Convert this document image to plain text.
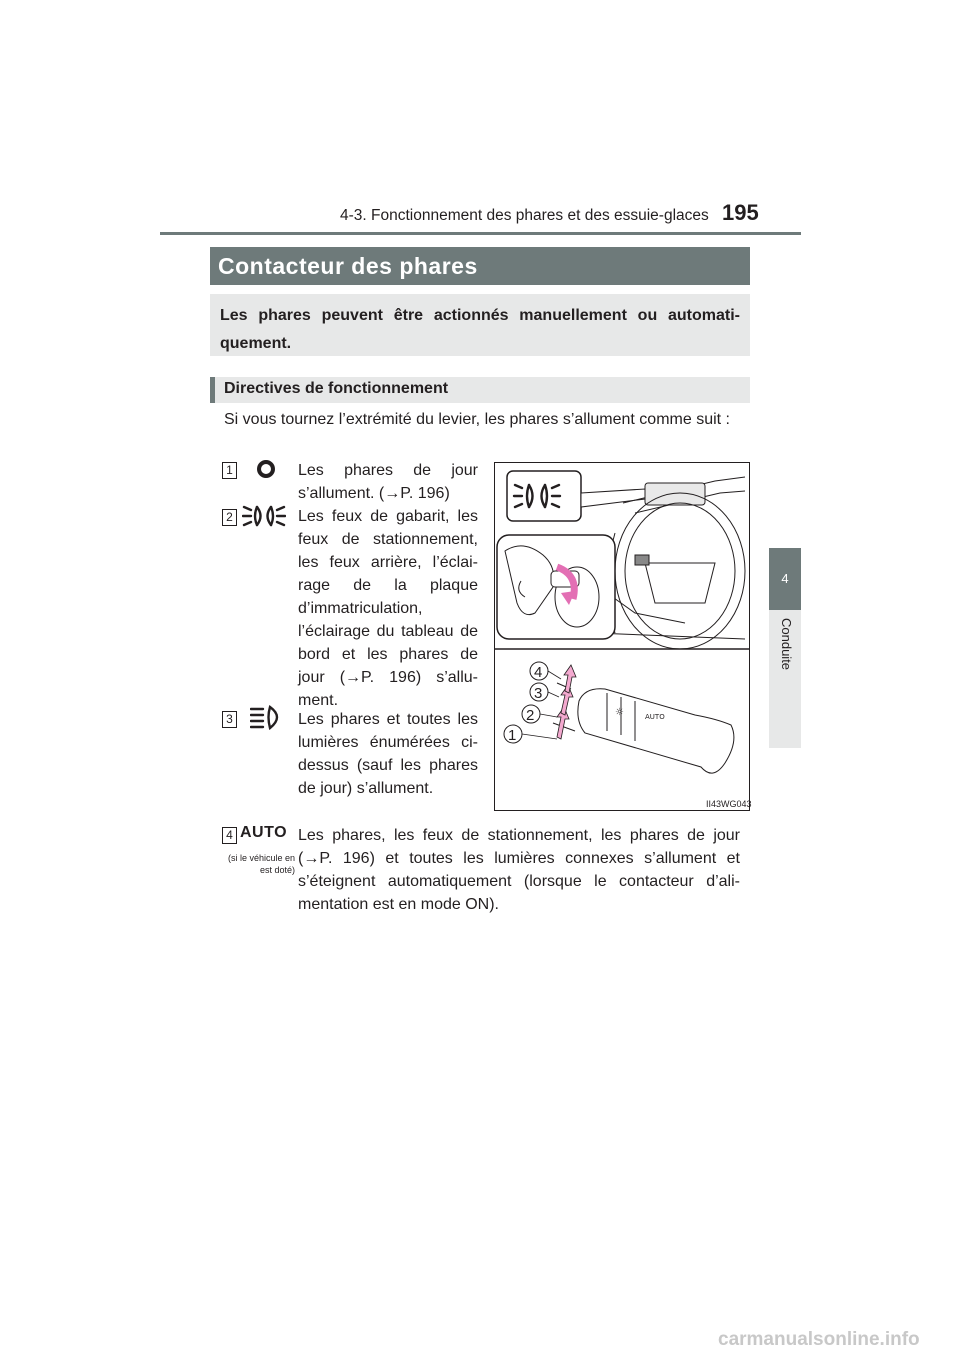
4-3. Fonctionnement des phares et des essuie-glaces 195
4
Conduite
Contacteur des phares
Les phares peuvent être actionnés manuellement ou automati-quement.
Directives de fonctionnement
Si vous tournez l’extrémité du levier, les phares s’allument comme suit :
1	Les phares de jour s’allument. (→P. 196)
2	Les feux de gabarit, les feux de stationnement, les feux arrière, l’éclai-rage de la plaque d’immatriculation, l’éclairage du tableau de bord et les phares de jour (→P. 196) s’allu-ment.
3	Les phares et toutes les lumières énumérées ci-dessus (sauf les phares de jour) s’allument.
4 AUTO
(si le véhicule en est doté)
Les phares, les feux de stationnement, les phares de jour (→P. 196) et toutes les lumières connexes s’allument et s’éteignent automatiquement (lorsque le contacteur d’ali-mentation est en mode ON).
☼	AUTO
1
2
3
4
II43WG043
carmanualsonline.info
